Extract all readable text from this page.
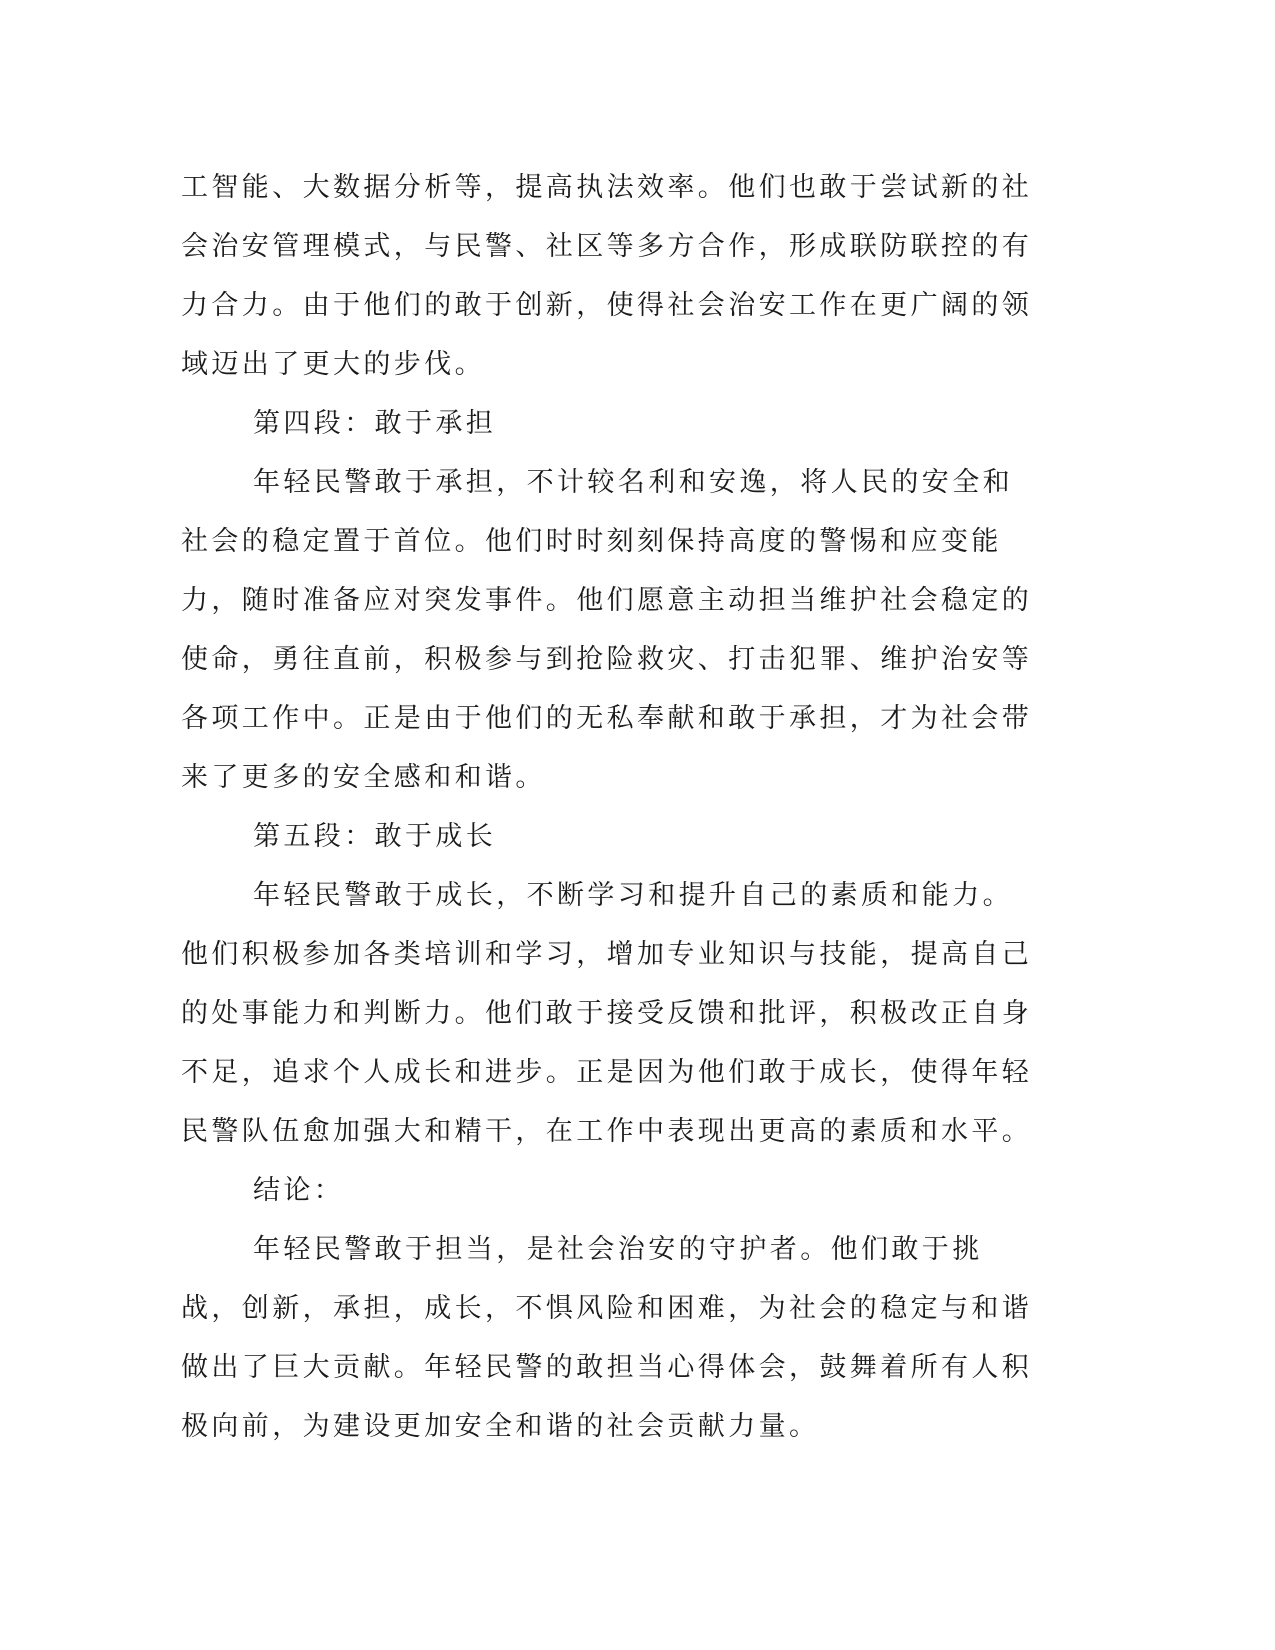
工智能、大数据分析等，提高执法效率。他们也敢于尝试新的社会治安管理模式，与民警、社区等多方合作，形成联防联控的有力合力。由于他们的敢于创新，使得社会治安工作在更广阔的领域迈出了更大的步伐。

第四段：敢于承担

年轻民警敢于承担，不计较名利和安逸，将人民的安全和社会的稳定置于首位。他们时时刻刻保持高度的警惕和应变能力，随时准备应对突发事件。他们愿意主动担当维护社会稳定的使命，勇往直前，积极参与到抢险救灾、打击犯罪、维护治安等各项工作中。正是由于他们的无私奉献和敢于承担，才为社会带来了更多的安全感和和谐。

第五段：敢于成长

年轻民警敢于成长，不断学习和提升自己的素质和能力。他们积极参加各类培训和学习，增加专业知识与技能，提高自己的处事能力和判断力。他们敢于接受反馈和批评，积极改正自身不足，追求个人成长和进步。正是因为他们敢于成长，使得年轻民警队伍愈加强大和精干，在工作中表现出更高的素质和水平。

结论：

年轻民警敢于担当，是社会治安的守护者。他们敢于挑战，创新，承担，成长，不惧风险和困难，为社会的稳定与和谐做出了巨大贡献。年轻民警的敢担当心得体会，鼓舞着所有人积极向前，为建设更加安全和谐的社会贡献力量。
